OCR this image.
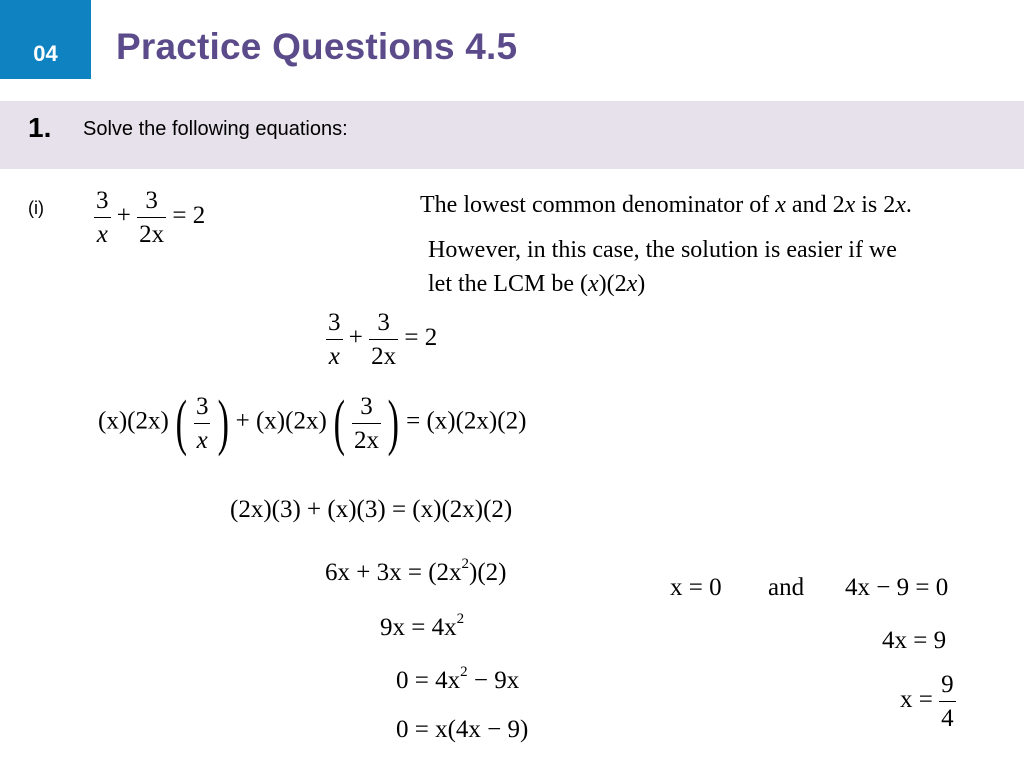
04 Practice Questions 4.5
1. Solve the following equations:
$(i) \frac{3}{x} + \frac{3}{2x} = 2$	The lowest common denominator of x and 2x is 2x.
However, in this case, the solution is easier if we
let the LCM be (x)(2x)
$\frac{3}{x} + \frac{3}{2x} = 2$
(x)(2x) ( $\frac{3}{x}$ ) + (x)(2x) ( $\frac{3}{2x}$ ) = (x)(2x)(2)
(2x)(3) + (x)(3) = (x)(2x)(2)
$6x + 3x = (2x^2)(2)$
$9x = 4x^2$
$0 = 4x^2 - 9x$
0 = x(4x − 9)
x = 0 and 4x − 9 = 0
4x = 9
$x = \frac{9}{4}$
